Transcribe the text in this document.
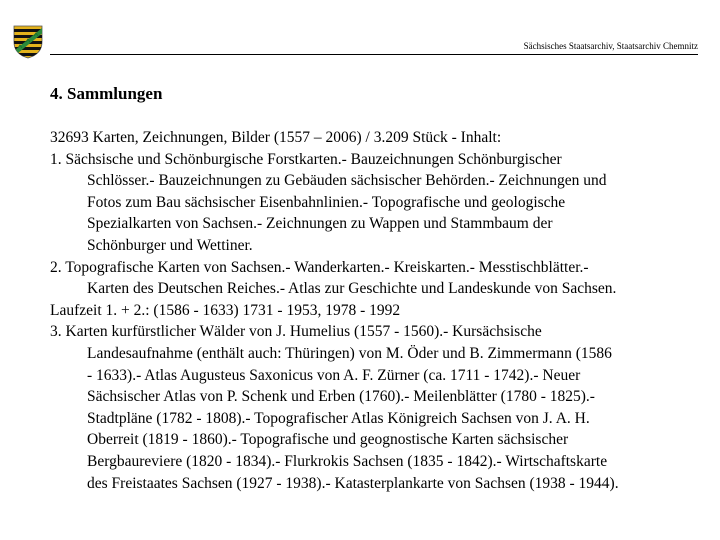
Sächsisches Staatsarchiv, Staatsarchiv Chemnitz
4. Sammlungen
32693 Karten, Zeichnungen, Bilder (1557 – 2006) / 3.209 Stück - Inhalt:
1. Sächsische und Schönburgische Forstkarten.- Bauzeichnungen Schönburgischer
Schlösser.- Bauzeichnungen zu Gebäuden sächsischer Behörden.- Zeichnungen und
Fotos zum Bau sächsischer Eisenbahnlinien.- Topografische und geologische
Spezialkarten von Sachsen.- Zeichnungen zu Wappen und Stammbaum der
Schönburger und Wettiner.
2. Topografische Karten von Sachsen.- Wanderkarten.- Kreiskarten.- Messtischblätter.-
Karten des Deutschen Reiches.- Atlas zur Geschichte und Landeskunde von Sachsen.
Laufzeit 1. + 2.: (1586 - 1633) 1731 - 1953, 1978 - 1992
3. Karten kurfürstlicher Wälder von J. Humelius (1557 - 1560).- Kursächsische
Landesaufnahme (enthält auch: Thüringen) von M. Öder und B. Zimmermann (1586
- 1633).- Atlas Augusteus Saxonicus von A. F. Zürner (ca. 1711 - 1742).- Neuer
Sächsischer Atlas von P. Schenk und Erben (1760).- Meilenblätter (1780 - 1825).-
Stadtpläne (1782 - 1808).- Topografischer Atlas Königreich Sachsen von J. A. H.
Oberreit (1819 - 1860).- Topografische und geognostische Karten sächsischer
Bergbaureviere (1820 - 1834).- Flurkrokis Sachsen (1835 - 1842).- Wirtschaftskarte
des Freistaates Sachsen (1927 - 1938).- Katasterplankarte von Sachsen (1938 - 1944).
